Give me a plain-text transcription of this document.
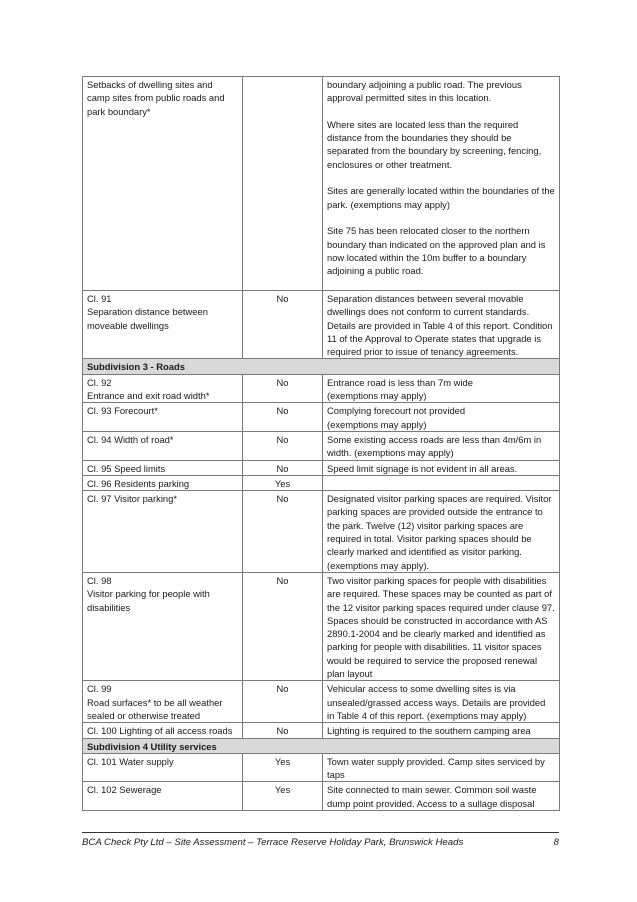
Setbacks of dwelling sites and camp sites from public roads and park boundary*		boundary adjoining a public road. The previous approval permitted sites in this location.
Where sites are located less than the required distance from the boundaries they should be separated from the boundary by screening, fencing, enclosures or other treatment.
Sites are generally located within the boundaries of the park. (exemptions may apply)
Site 75 has been relocated closer to the northern boundary than indicated on the approved plan and is now located within the 10m buffer to a boundary adjoining a public road.

Cl. 91
Separation distance between moveable dwellings	No	Separation distances between several movable dwellings does not conform to current standards. Details are provided in Table 4 of this report. Condition 11 of the Approval to Operate states that upgrade is required prior to issue of tenancy agreements.

Subdivision 3 - Roads		

Cl. 92
Entrance and exit road width*	No	Entrance road is less than 7m wide
(exemptions may apply)

Cl. 93 Forecourt*	No	Complying forecourt not provided
(exemptions may apply)

Cl. 94 Width of road*	No	Some existing access roads are less than 4m/6m in width. (exemptions may apply)

Cl. 95 Speed limits	No	Speed limit signage is not evident in all areas.

Cl. 96 Residents parking	Yes	

Cl. 97 Visitor parking*	No	Designated visitor parking spaces are required. Visitor parking spaces are provided outside the entrance to the park. Twelve (12) visitor parking spaces are required in total. Visitor parking spaces should be clearly marked and identified as visitor parking. (exemptions may apply).

Cl. 98
Visitor parking for people with disabilities	No	Two visitor parking spaces for people with disabilities are required. These spaces may be counted as part of the 12 visitor parking spaces required under clause 97. Spaces should be constructed in accordance with AS 2890.1-2004 and be clearly marked and identified as parking for people with disabilities. 11 visitor spaces would be required to service the proposed renewal plan layout

Cl. 99
Road surfaces* to be all weather sealed or otherwise treated	No	Vehicular access to some dwelling sites is via unsealed/grassed access ways. Details are provided in Table 4 of this report. (exemptions may apply)

Cl. 100 Lighting of all access roads	No	Lighting is required to the southern camping area

Subdivision 4 Utility services		

Cl. 101 Water supply	Yes	Town water supply provided. Camp sites serviced by taps

Cl. 102 Sewerage	Yes	Site connected to main sewer. Common soil waste dump point provided. Access to a sullage disposal
BCA Check Pty Ltd – Site Assessment – Terrace Reserve Holiday Park, Brunswick Heads	8
